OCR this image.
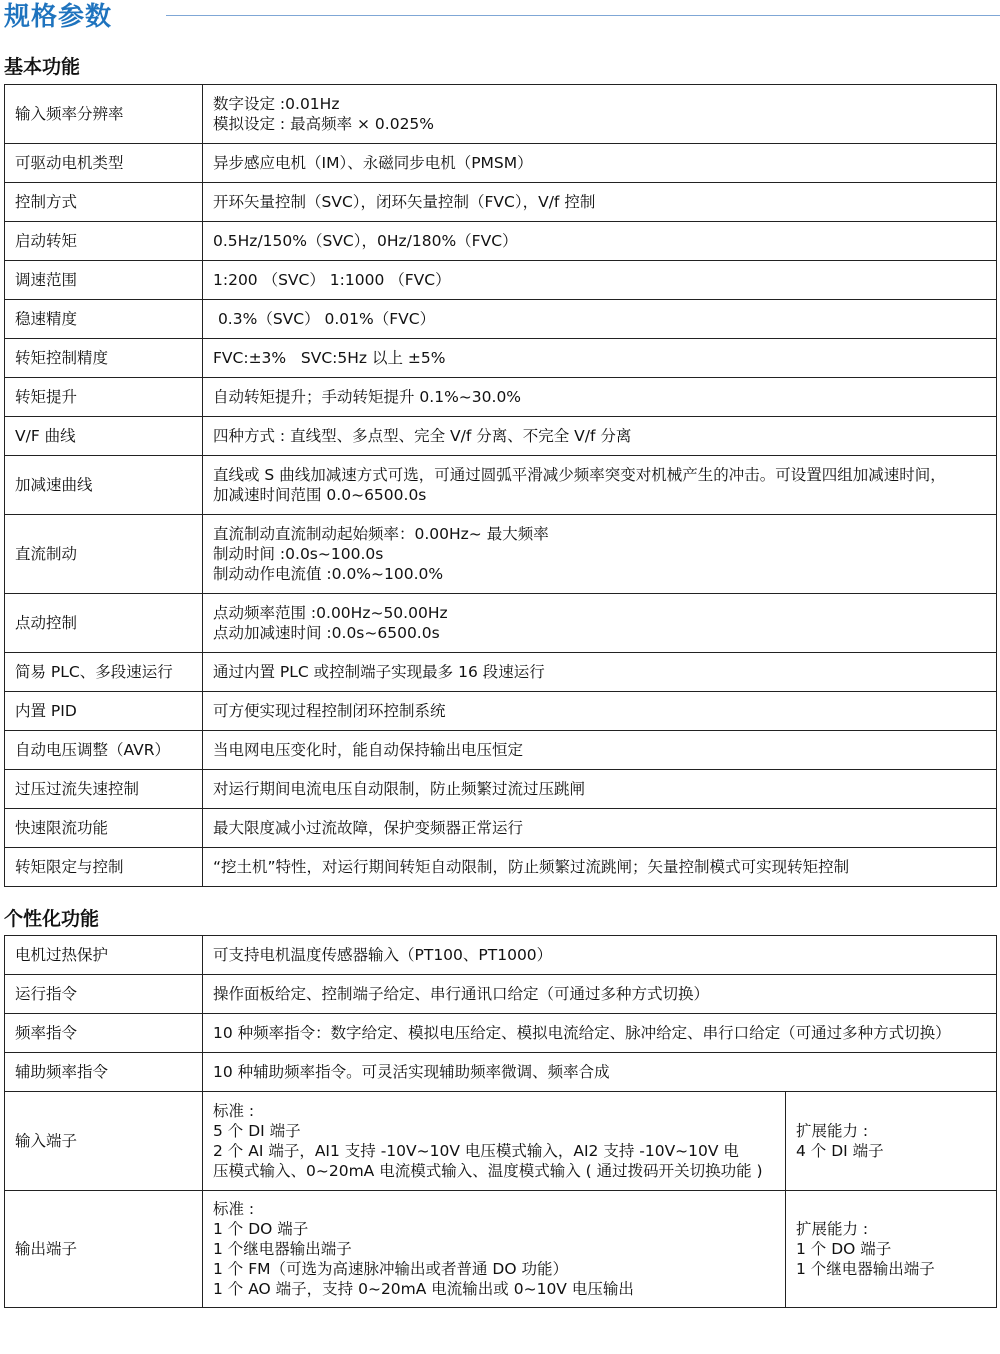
规格参数
基本功能
输入频率分辨率	数字设定 :0.01Hz
模拟设定 : 最高频率 × 0.025%

可驱动电机类型	异步感应电机（IM）、永磁同步电机（PMSM）

控制方式	开环矢量控制（SVC），闭环矢量控制（FVC），V/f 控制

启动转矩	0.5Hz/150%（SVC），0Hz/180%（FVC）

调速范围	1:200 （SVC） 1:1000 （FVC）

稳速精度	0.3%（SVC） 0.01%（FVC）

转矩控制精度	FVC:±3%   SVC:5Hz 以上 ±5%

转矩提升	自动转矩提升；手动转矩提升 0.1%~30.0%

V/F 曲线	四种方式 : 直线型、多点型、完全 V/f 分离、不完全 V/f 分离

加减速曲线	直线或 S 曲线加减速方式可选，可通过圆弧平滑减少频率突变对机械产生的冲击。可设置四组加减速时间，
加减速时间范围 0.0~6500.0s

直流制动	直流制动直流制动起始频率：0.00Hz~ 最大频率
制动时间 :0.0s~100.0s
制动动作电流值 :0.0%~100.0%

点动控制	点动频率范围 :0.00Hz~50.00Hz
点动加减速时间 :0.0s~6500.0s

简易 PLC、多段速运行	通过内置 PLC 或控制端子实现最多 16 段速运行

内置 PID	可方便实现过程控制闭环控制系统

自动电压调整（AVR）	当电网电压变化时，能自动保持输出电压恒定

过压过流失速控制	对运行期间电流电压自动限制，防止频繁过流过压跳闸

快速限流功能	最大限度减小过流故障，保护变频器正常运行

转矩限定与控制	“挖土机”特性，对运行期间转矩自动限制，防止频繁过流跳闸；矢量控制模式可实现转矩控制
个性化功能
电机过热保护	可支持电机温度传感器输入（PT100、PT1000）	

运行指令	操作面板给定、控制端子给定、串行通讯口给定（可通过多种方式切换）	

频率指令	10 种频率指令：数字给定、模拟电压给定、模拟电流给定、脉冲给定、串行口给定（可通过多种方式切换）	

辅助频率指令	10 种辅助频率指令。可灵活实现辅助频率微调、频率合成	

输入端子	标准 :
5 个 DI 端子
2 个 AI 端子，AI1 支持 -10V~10V 电压模式输入，AI2 支持 -10V~10V 电
压模式输入、0~20mA 电流模式输入、温度模式输入 ( 通过拨码开关切换功能 )	扩展能力 :
4 个 DI 端子

输出端子	标准 :
1 个 DO 端子
1 个继电器输出端子
1 个 FM（可选为高速脉冲输出或者普通 DO 功能）
1 个 AO 端子，支持 0~20mA 电流输出或 0~10V 电压输出	扩展能力 :
1 个 DO 端子
1 个继电器输出端子
